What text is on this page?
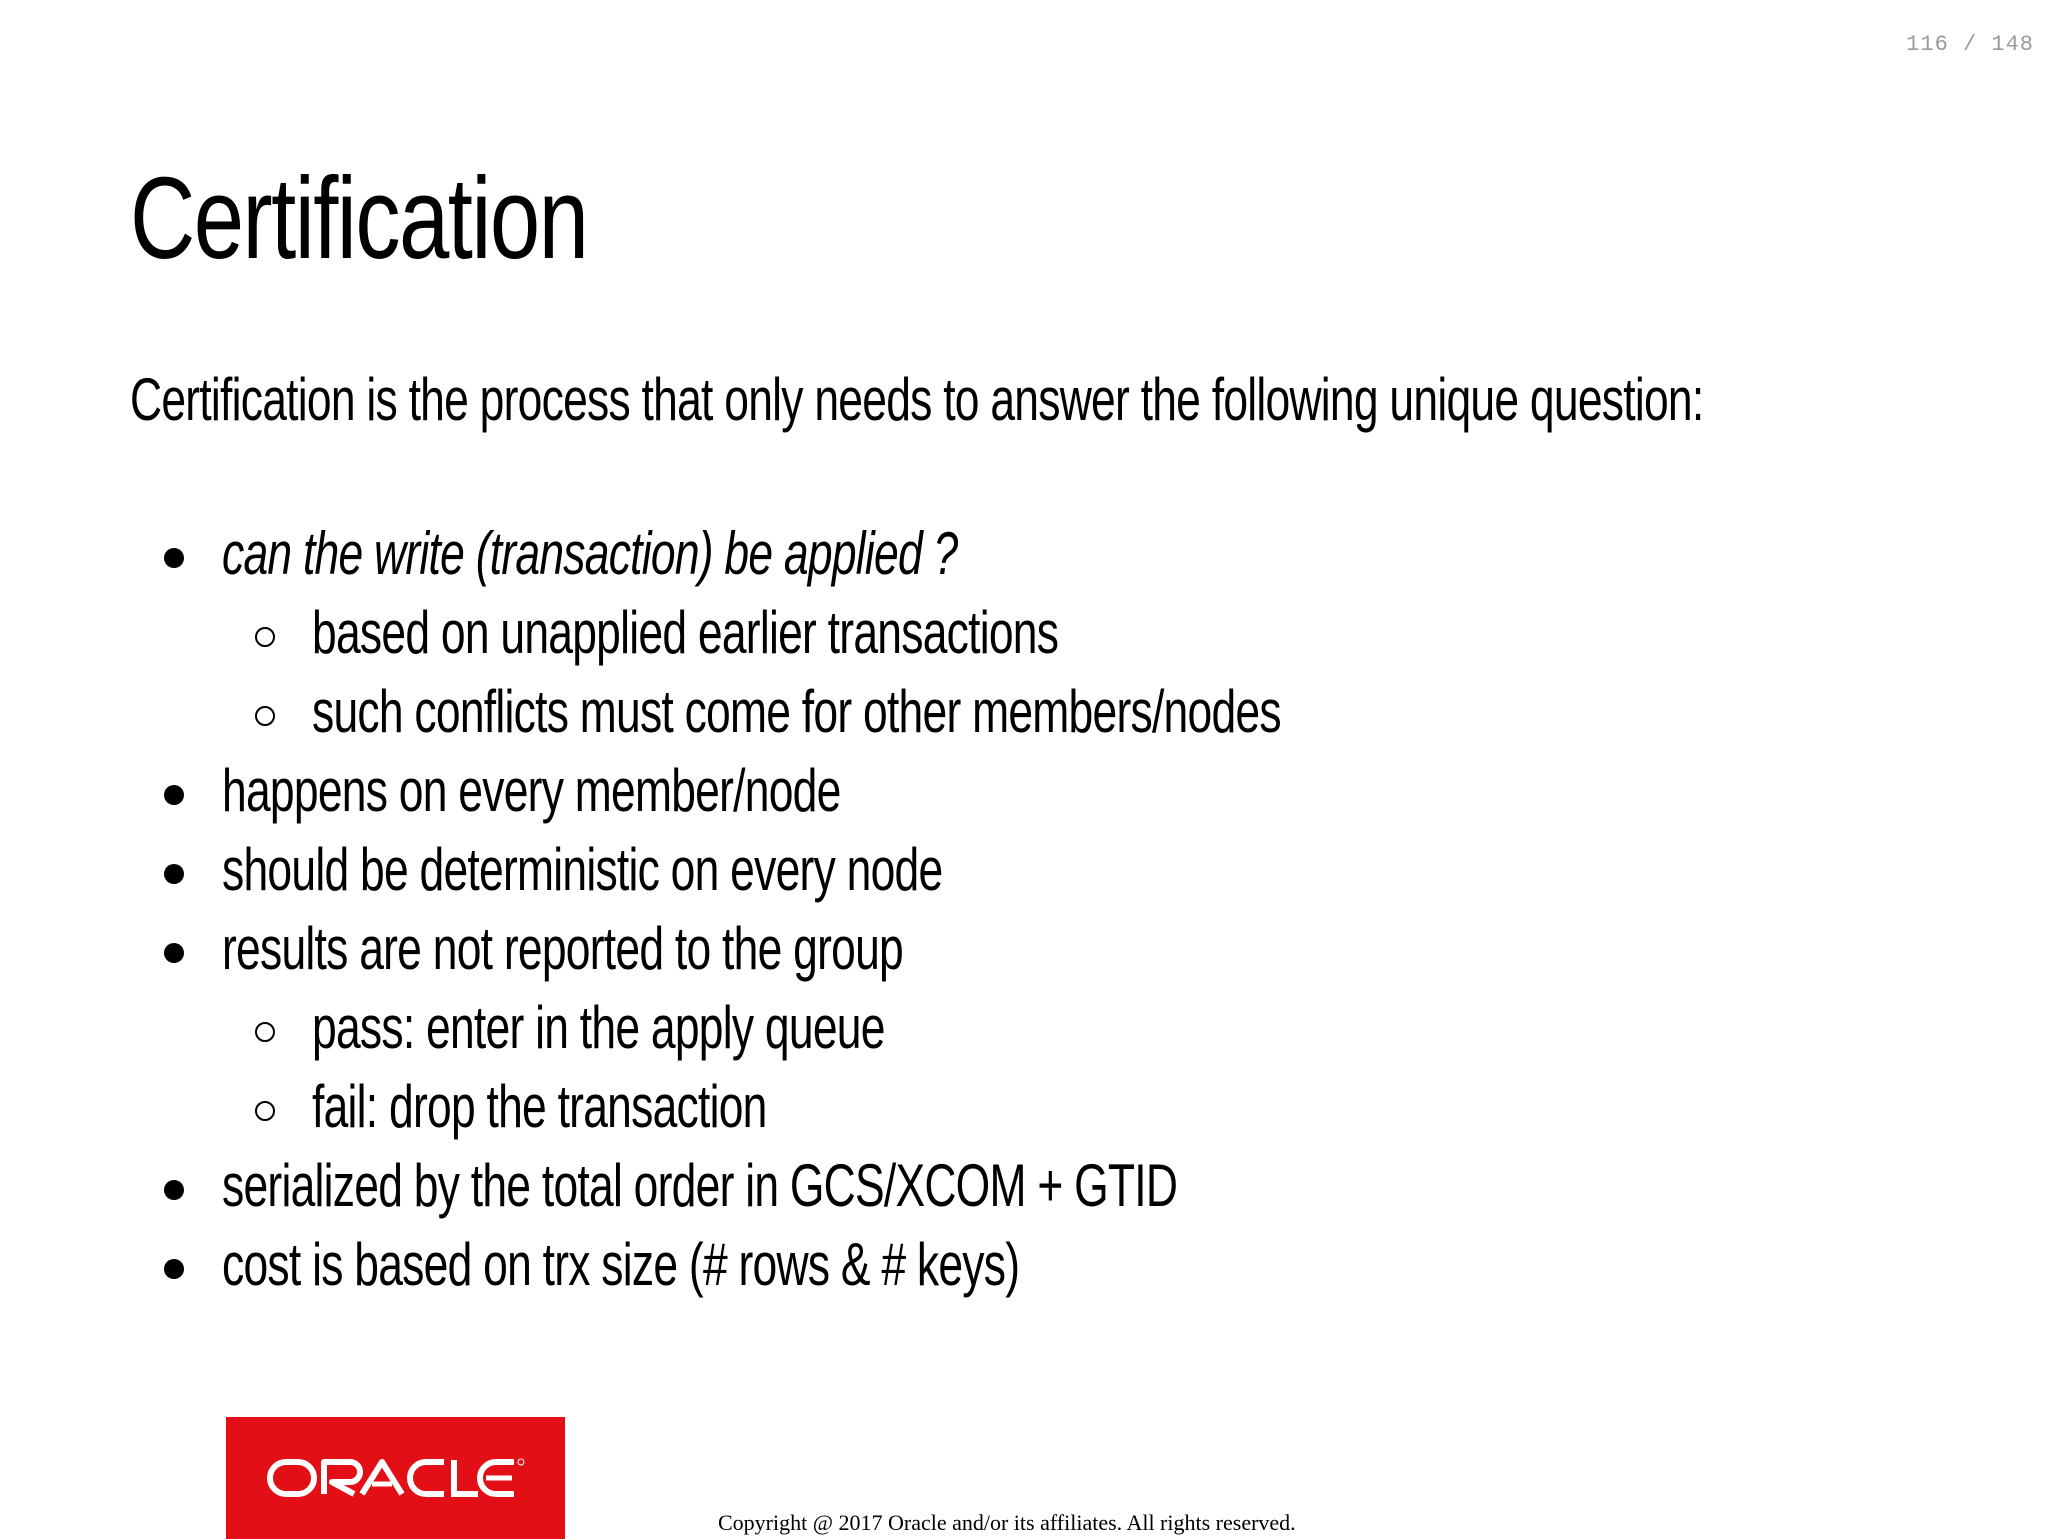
116 / 148
Certification

Certification is the process that only needs to answer the following unique question:

can the write (transaction) be applied ?
based on unapplied earlier transactions
such conflicts must come for other members/nodes
happens on every member/node
should be deterministic on every node
results are not reported to the group
pass: enter in the apply queue
fail: drop the transaction
serialized by the total order in GCS/XCOM + GTID
cost is based on trx size (# rows & # keys)
Copyright @ 2017 Oracle and/or its affiliates. All rights reserved.
